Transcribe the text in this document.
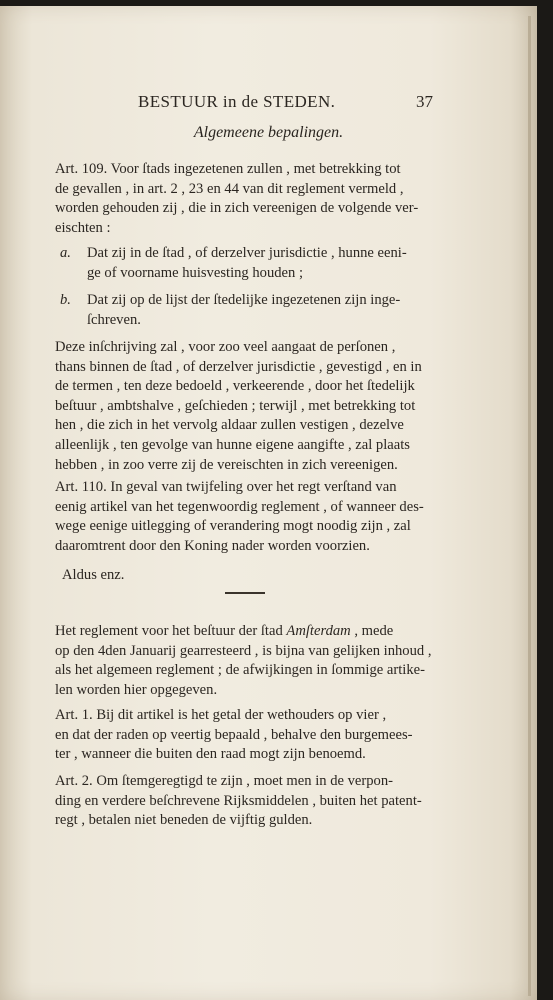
BESTUUR in de STEDEN.	37
Algemeene bepalingen.

Art. 109. Voor ſtads ingezetenen zullen , met betrekking tot
de gevallen , in art. 2 , 23 en 44 van dit reglement vermeld ,
worden gehouden zij , die in zich vereenigen de volgende ver-
eischten :

a. Dat zij in de ſtad , of derzelver jurisdictie , hunne eeni-
ge of voorname huisvesting houden ;

b. Dat zij op de lijst der ſtedelijke ingezetenen zijn inge-
ſchreven.

Deze inſchrijving zal , voor zoo veel aangaat de perſonen ,
thans binnen de ſtad , of derzelver jurisdictie , gevestigd , en in
de termen , ten deze bedoeld , verkeerende , door het ſtedelijk
beſtuur , ambtshalve , geſchieden ; terwijl , met betrekking tot
hen , die zich in het vervolg aldaar zullen vestigen , dezelve
alleenlijk , ten gevolge van hunne eigene aangifte , zal plaats
hebben , in zoo verre zij de vereischten in zich vereenigen.

Art. 110. In geval van twijfeling over het regt verſtand van
eenig artikel van het tegenwoordig reglement , of wanneer des-
wege eenige uitlegging of verandering mogt noodig zijn , zal
daaromtrent door den Koning nader worden voorzien.

Aldus enz.

Het reglement voor het beſtuur der ſtad Amſterdam , mede
op den 4den Januarij gearresteerd , is bijna van gelijken inhoud ,
als het algemeen reglement ; de afwijkingen in ſommige artike-
len worden hier opgegeven.

Art. 1. Bij dit artikel is het getal der wethouders op vier ,
en dat der raden op veertig bepaald , behalve den burgemees-
ter , wanneer die buiten den raad mogt zijn benoemd.

Art. 2. Om ſtemgeregtigd te zijn , moet men in de verpon-
ding en verdere beſchrevene Rijksmiddelen , buiten het patent-
regt , betalen niet beneden de vijftig gulden.
